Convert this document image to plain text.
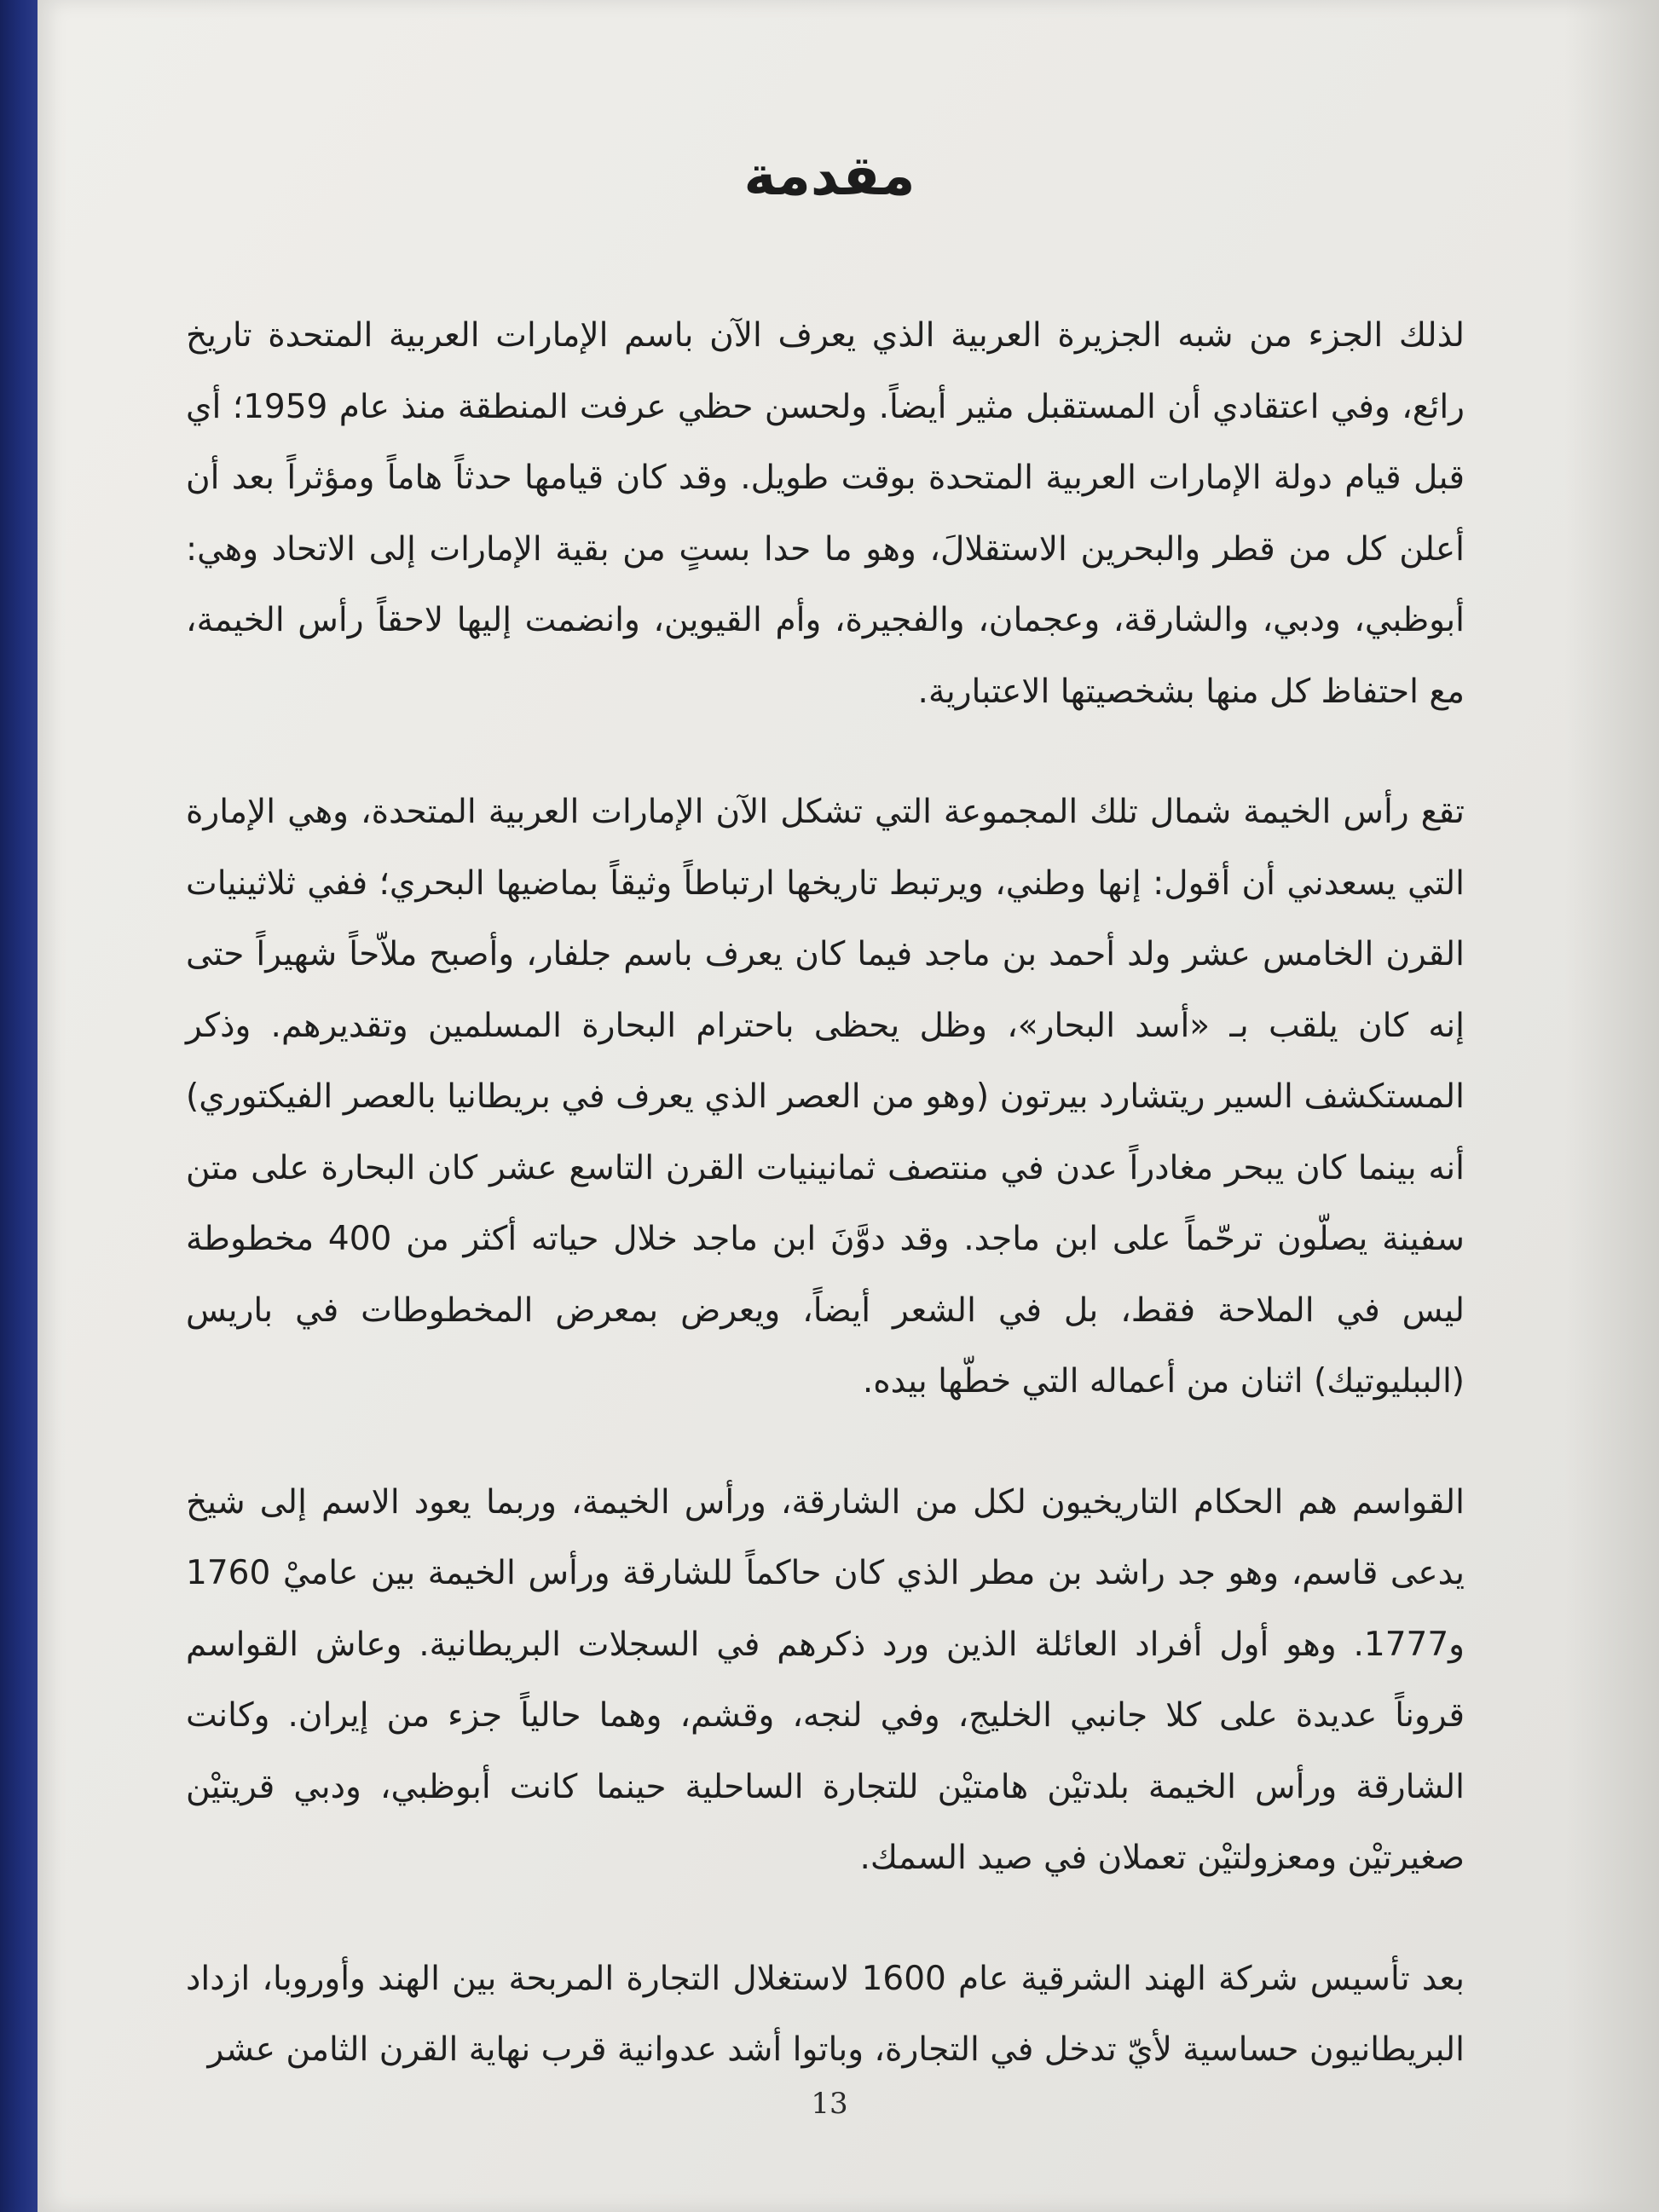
مقدمة

لذلك الجزء من شبه الجزيرة العربية الذي يعرف الآن باسم الإمارات العربية المتحدة تاريخ رائع، وفي اعتقادي أن المستقبل مثير أيضاً. ولحسن حظي عرفت المنطقة منذ عام 1959؛ أي قبل قيام دولة الإمارات العربية المتحدة بوقت طويل. وقد كان قيامها حدثاً هاماً ومؤثراً بعد أن أعلن كل من قطر والبحرين الاستقلالَ، وهو ما حدا بستٍ من بقية الإمارات إلى الاتحاد وهي: أبوظبي، ودبي، والشارقة، وعجمان، والفجيرة، وأم القيوين، وانضمت إليها لاحقاً رأس الخيمة، مع احتفاظ كل منها بشخصيتها الاعتبارية.

تقع رأس الخيمة شمال تلك المجموعة التي تشكل الآن الإمارات العربية المتحدة، وهي الإمارة التي يسعدني أن أقول: إنها وطني، ويرتبط تاريخها ارتباطاً وثيقاً بماضيها البحري؛ ففي ثلاثينيات القرن الخامس عشر ولد أحمد بن ماجد فيما كان يعرف باسم جلفار، وأصبح ملاّحاً شهيراً حتى إنه كان يلقب بـ «أسد البحار»، وظل يحظى باحترام البحارة المسلمين وتقديرهم. وذكر المستكشف السير ريتشارد بيرتون (وهو من العصر الذي يعرف في بريطانيا بالعصر الفيكتوري) أنه بينما كان يبحر مغادراً عدن في منتصف ثمانينيات القرن التاسع عشر كان البحارة على متن سفينة يصلّون ترحّماً على ابن ماجد. وقد دوَّنَ ابن ماجد خلال حياته أكثر من 400 مخطوطة ليس في الملاحة فقط، بل في الشعر أيضاً، ويعرض بمعرض المخطوطات في باريس (الببليوتيك) اثنان من أعماله التي خطّها بيده.

القواسم هم الحكام التاريخيون لكل من الشارقة، ورأس الخيمة، وربما يعود الاسم إلى شيخ يدعى قاسم، وهو جد راشد بن مطر الذي كان حاكماً للشارقة ورأس الخيمة بين عاميْ 1760 و1777. وهو أول أفراد العائلة الذين ورد ذكرهم في السجلات البريطانية. وعاش القواسم قروناً عديدة على كلا جانبي الخليج، وفي لنجه، وقشم، وهما حالياً جزء من إيران. وكانت الشارقة ورأس الخيمة بلدتيْن هامتيْن للتجارة الساحلية حينما كانت أبوظبي، ودبي قريتيْن صغيرتيْن ومعزولتيْن تعملان في صيد السمك.

بعد تأسيس شركة الهند الشرقية عام 1600 لاستغلال التجارة المربحة بين الهند وأوروبا، ازداد البريطانيون حساسية لأيّ تدخل في التجارة، وباتوا أشد عدوانية قرب نهاية القرن الثامن عشر

13
